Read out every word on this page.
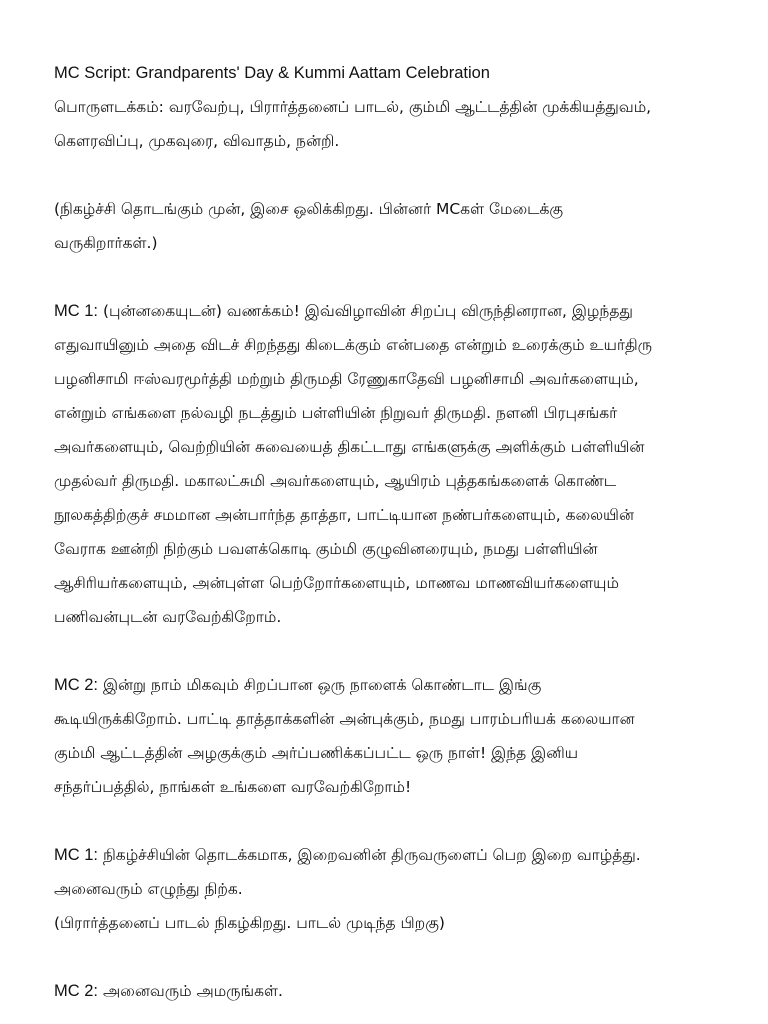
MC Script: Grandparents' Day & Kummi Aattam Celebration
பொருளடக்கம்: வரவேற்பு, பிரார்த்தனைப் பாடல், கும்மி ஆட்டத்தின் முக்கியத்துவம்,
கௌரவிப்பு, முகவுரை, விவாதம், நன்றி.
(நிகழ்ச்சி தொடங்கும் முன், இசை ஒலிக்கிறது. பின்னர் MCகள் மேடைக்கு
வருகிறார்கள்.)
MC 1: (புன்னகையுடன்) வணக்கம்! இவ்விழாவின் சிறப்பு விருந்தினரான, இழந்தது
எதுவாயினும் அதை விடச் சிறந்தது கிடைக்கும் என்பதை என்றும் உரைக்கும் உயர்திரு
பழனிசாமி ஈஸ்வரமூர்த்தி மற்றும் திருமதி ரேணுகாதேவி பழனிசாமி அவர்களையும்,
என்றும் எங்களை நல்வழி நடத்தும் பள்ளியின் நிறுவர் திருமதி. நளனி பிரபுசங்கர்
அவர்களையும், வெற்றியின் சுவையைத் திகட்டாது எங்களுக்கு அளிக்கும் பள்ளியின்
முதல்வர் திருமதி. மகாலட்சுமி அவர்களையும், ஆயிரம் புத்தகங்களைக் கொண்ட
நூலகத்திற்குச் சமமான அன்பார்ந்த தாத்தா, பாட்டியான நண்பர்களையும், கலையின்
வேராக ஊன்றி நிற்கும் பவளக்கொடி கும்மி குழுவினரையும், நமது பள்ளியின்
ஆசிரியர்களையும், அன்புள்ள பெற்றோர்களையும், மாணவ மாணவியர்களையும்
பணிவன்புடன் வரவேற்கிறோம்.
MC 2: இன்று நாம் மிகவும் சிறப்பான ஒரு நாளைக் கொண்டாட இங்கு
கூடியிருக்கிறோம். பாட்டி தாத்தாக்களின் அன்புக்கும், நமது பாரம்பரியக் கலையான
கும்மி ஆட்டத்தின் அழகுக்கும் அர்ப்பணிக்கப்பட்ட ஒரு நாள்! இந்த இனிய
சந்தர்ப்பத்தில், நாங்கள் உங்களை வரவேற்கிறோம்!
MC 1: நிகழ்ச்சியின் தொடக்கமாக, இறைவனின் திருவருளைப் பெற இறை வாழ்த்து.
அனைவரும் எழுந்து நிற்க.
(பிரார்த்தனைப் பாடல் நிகழ்கிறது. பாடல் முடிந்த பிறகு)
MC 2: அனைவரும் அமருங்கள்.
